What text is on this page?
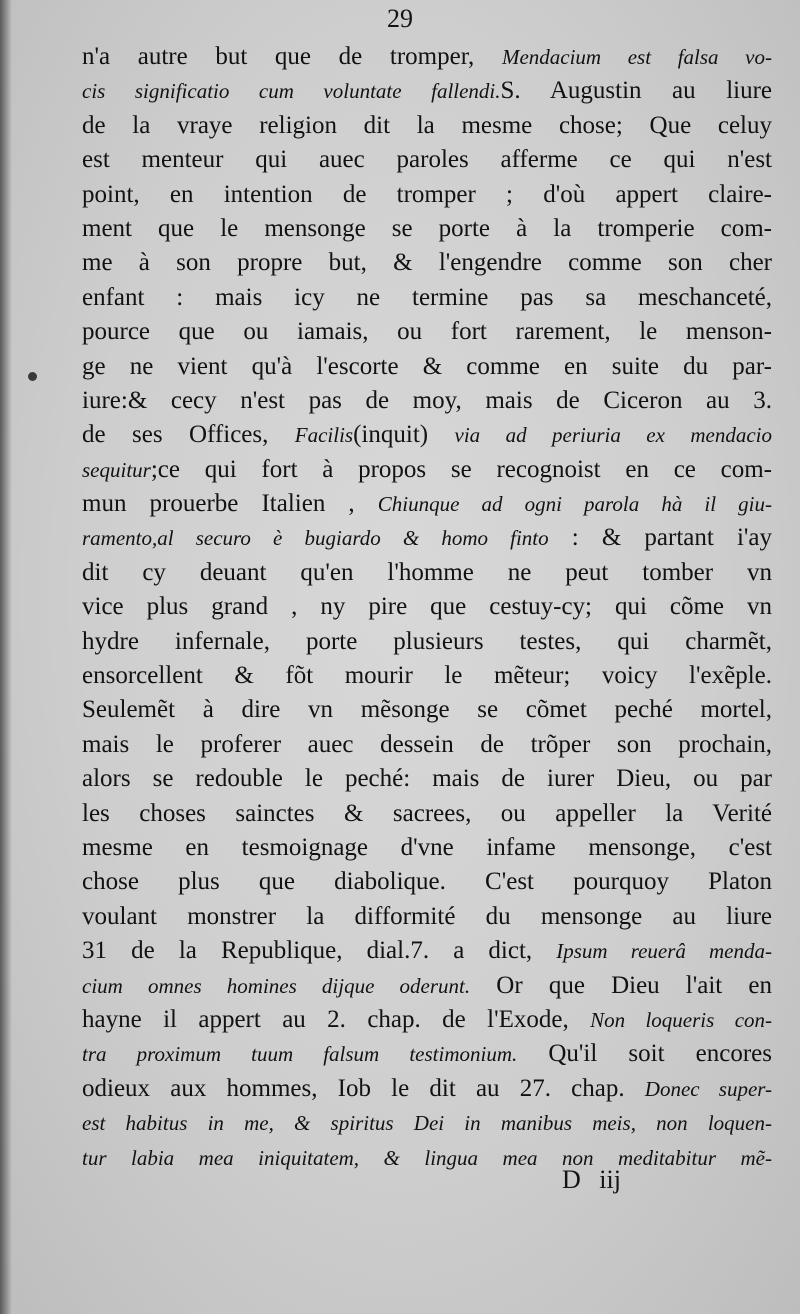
29
n'a autre but que de tromper, Mendacium est falsa vo-
cis significatio cum voluntate fallendi.S. Augustin au liure
de la vraye religion dit la mesme chose; Que celuy
est menteur qui auec paroles afferme ce qui n'est
point, en intention de tromper ; d'où appert claire-
ment que le mensonge se porte à la tromperie com-
me à son propre but, & l'engendre comme son cher
enfant : mais icy ne termine pas sa meschanceté,
pource que ou iamais, ou fort rarement, le menson-
ge ne vient qu'à l'escorte & comme en suite du par-
iure:& cecy n'est pas de moy, mais de Ciceron au 3.
de ses Offices, Facilis(inquit) via ad periuria ex mendacio
sequitur;ce qui fort à propos se recognoist en ce com-
mun prouerbe Italien , Chiunque ad ogni parola hà il giu-
ramento,al securo è bugiardo & homo finto : & partant i'ay
dit cy deuant qu'en l'homme ne peut tomber vn
vice plus grand , ny pire que cestuy-cy; qui cõme vn
hydre infernale, porte plusieurs testes, qui charmẽt,
ensorcellent & fõt mourir le mẽteur; voicy l'exẽple.
Seulemẽt à dire vn mẽsonge se cõmet peché mortel,
mais le proferer auec dessein de trõper son prochain,
alors se redouble le peché: mais de iurer Dieu, ou par
les choses sainctes & sacrees, ou appeller la Verité
mesme en tesmoignage d'vne infame mensonge, c'est
chose plus que diabolique. C'est pourquoy Platon
voulant monstrer la difformité du mensonge au liure
31 de la Republique, dial.7. a dict, Ipsum reuerâ menda-
cium omnes homines dijque oderunt. Or que Dieu l'ait en
hayne il appert au 2. chap. de l'Exode, Non loqueris con-
tra proximum tuum falsum testimonium. Qu'il soit encores
odieux aux hommes, Iob le dit au 27. chap. Donec super-
est habitus in me, & spiritus Dei in manibus meis, non loquen-
tur labia mea iniquitatem, & lingua mea non meditabitur mẽ-
D iij
